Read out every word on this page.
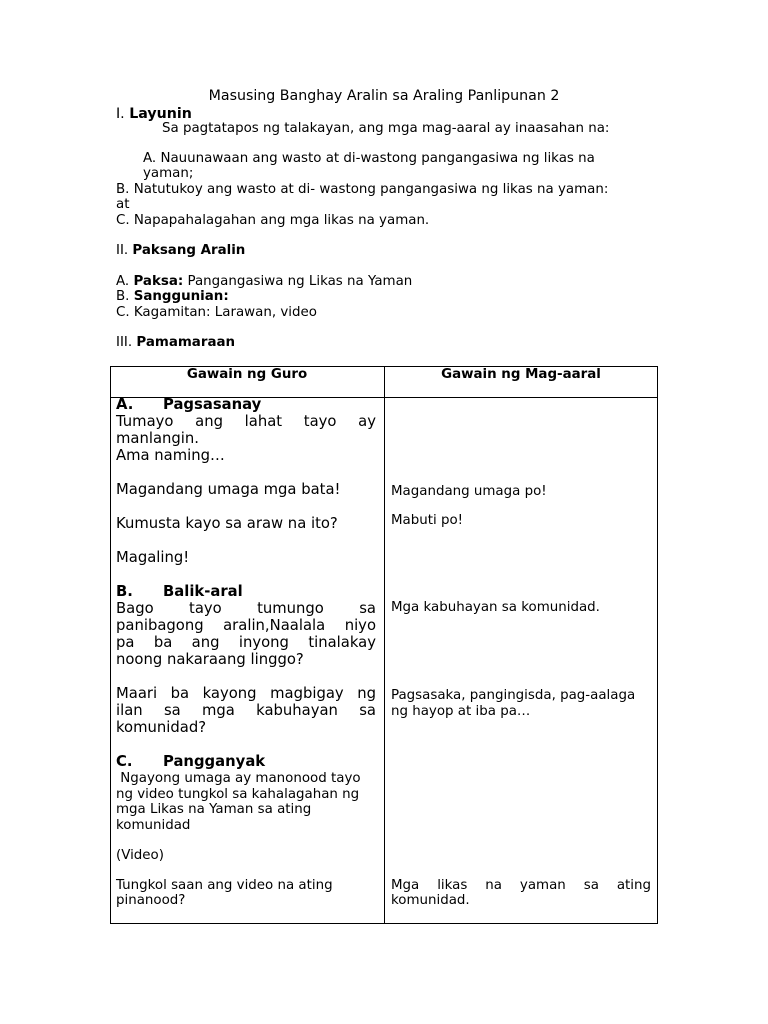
Masusing Banghay Aralin sa Araling Panlipunan 2
I. Layunin
Sa pagtatapos ng talakayan, ang mga mag-aaral ay inaasahan na:
A. Nauunawaan ang wasto at di-wastong pangangasiwa ng likas na
yaman;
B. Natutukoy ang wasto at di- wastong pangangasiwa ng likas na yaman:
at
C. Napapahalagahan ang mga likas na yaman.
II. Paksang Aralin
A. Paksa: Pangangasiwa ng Likas na Yaman
B. Sanggunian:
C. Kagamitan: Larawan, video
III. Pamamaraan
Gawain ng Guro	Gawain ng Mag-aaral
A. Pagsasanay
Tumayo ang lahat tayo ay
manlangin.
Ama naming…
Magandang umaga mga bata!
Kumusta kayo sa araw na ito?
Magaling!
B. Balik-aral
Bago tayo tumungo sa
panibagong aralin,Naalala niyo
pa ba ang inyong tinalakay
noong nakaraang linggo?
Maari ba kayong magbigay ng
ilan sa mga kabuhayan sa
komunidad?
C. Pangganyak
Ngayong umaga ay manonood tayo
ng video tungkol sa kahalagahan ng
mga Likas na Yaman sa ating
komunidad
(Video)
Tungkol saan ang video na ating
pinanood?
Magandang umaga po!
Mabuti po!
Mga kabuhayan sa komunidad.
Pagsasaka, pangingisda, pag-aalaga
ng hayop at iba pa…
Mga likas na yaman sa ating
komunidad.
